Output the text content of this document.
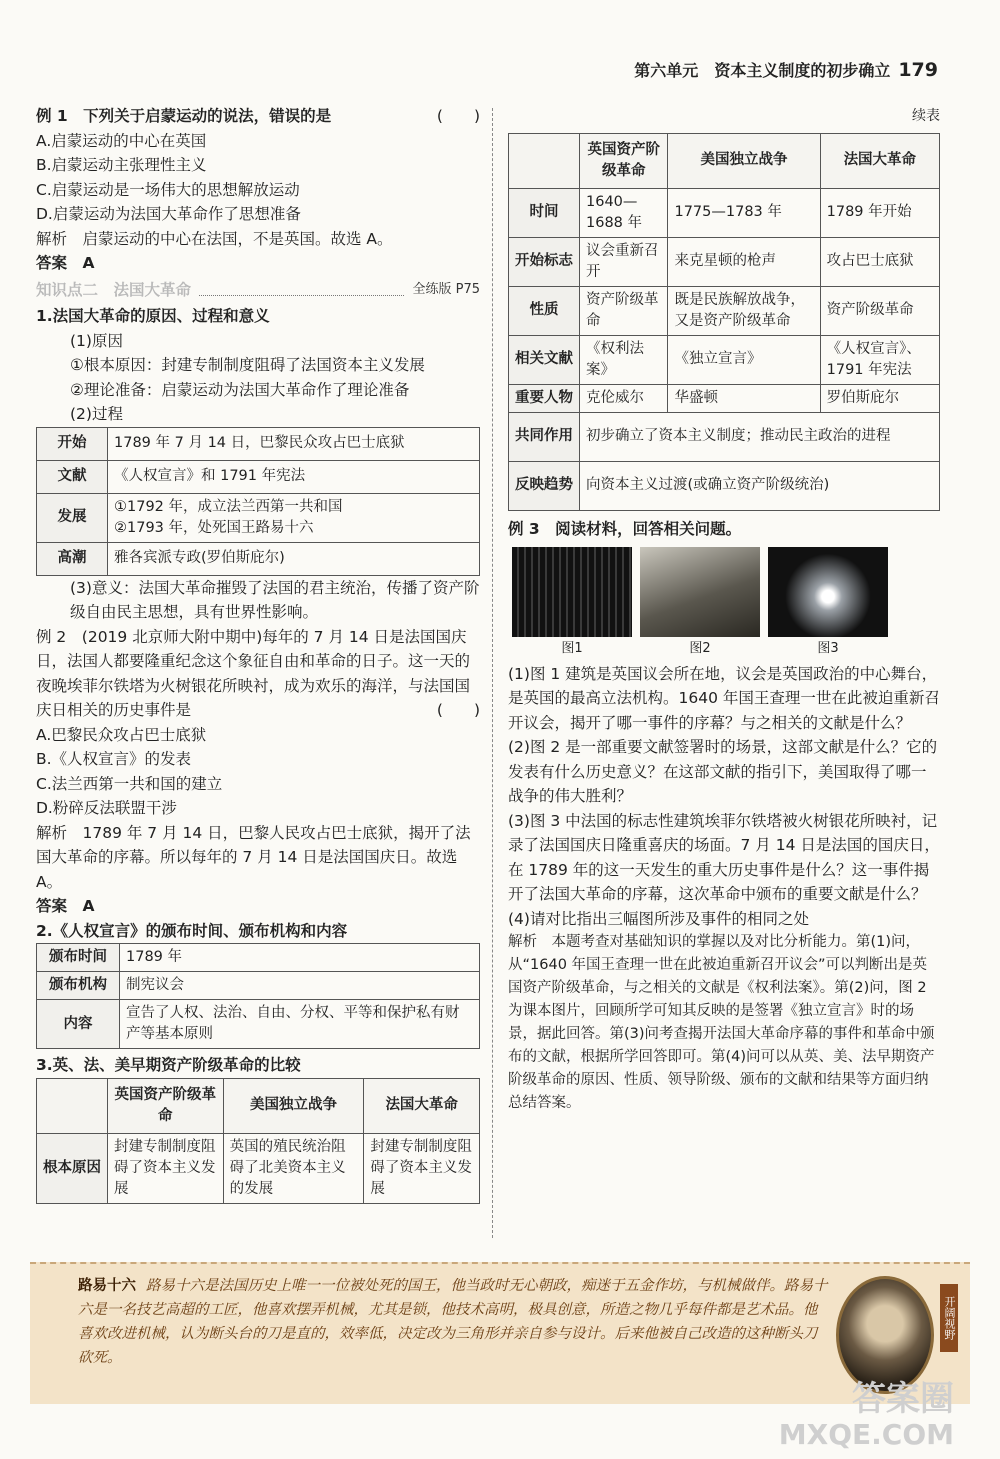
第六单元　 资本主义制度的初步确立 179
例 1　下列关于启蒙运动的说法，错误的是	(　　)
A.启蒙运动的中心在英国
B.启蒙运动主张理性主义
C.启蒙运动是一场伟大的思想解放运动
D.启蒙运动为法国大革命作了思想准备
解析　启蒙运动的中心在法国，不是英国。故选 A。
答案　A
知识点二　法国大革命	全练版 P75
1.法国大革命的原因、过程和意义
(1)原因
①根本原因：封建专制制度阻碍了法国资本主义发展
②理论准备：启蒙运动为法国大革命作了理论准备
(2)过程
开始	1789 年 7 月 14 日，巴黎民众攻占巴士底狱
文献	《人权宣言》和 1791 年宪法
发展	①1792 年，成立法兰西第一共和国
②1793 年，处死国王路易十六

高潮	雅各宾派专政(罗伯斯庇尔)
(3)意义：法国大革命摧毁了法国的君主统治，传播了资产阶级自由民主思想，具有世界性影响。
例 2　(2019 北京师大附中期中)每年的 7 月 14 日是法国国庆日，法国人都要隆重纪念这个象征自由和革命的日子。这一天的夜晚埃菲尔铁塔为火树银花所映衬，成为欢乐的海洋，与法国国庆日相关的历史事件是	(　　)
A.巴黎民众攻占巴士底狱
B.《人权宣言》的发表
C.法兰西第一共和国的建立
D.粉碎反法联盟干涉
解析　1789 年 7 月 14 日，巴黎人民攻占巴士底狱，揭开了法国大革命的序幕。所以每年的 7 月 14 日是法国国庆日。故选 A。
答案　A
2.《人权宣言》的颁布时间、颁布机构和内容
颁布时间	1789 年
颁布机构	制宪议会
内容	宣告了人权、法治、自由、分权、平等和保护私有财产等基本原则
3.英、法、美早期资产阶级革命的比较
	英国资产阶级革命	美国独立战争	法国大革命
根本原因	封建专制制度阻碍了资本主义发展	英国的殖民统治阻碍了北美资本主义的发展	封建专制制度阻碍了资本主义发展
续表
	英国资产阶级革命	美国独立战争	法国大革命
时间	1640—1688 年	1775—1783 年	1789 年开始
开始标志	议会重新召开	来克星顿的枪声	攻占巴士底狱
性质	资产阶级革命	既是民族解放战争，又是资产阶级革命	资产阶级革命
相关文献	《权利法案》	《独立宣言》	《人权宣言》、1791 年宪法
重要人物	克伦威尔	华盛顿	罗伯斯庇尔
共同作用	初步确立了资本主义制度；推动民主政治的进程		
反映趋势	向资本主义过渡(或确立资产阶级统治)		
例 3　阅读材料，回答相关问题。
图1	图2	图3
(1)图 1 建筑是英国议会所在地，议会是英国政治的中心舞台，是英国的最高立法机构。1640 年国王查理一世在此被迫重新召开议会，揭开了哪一事件的序幕？与之相关的文献是什么？
(2)图 2 是一部重要文献签署时的场景，这部文献是什么？它的发表有什么历史意义？在这部文献的指引下，美国取得了哪一战争的伟大胜利？
(3)图 3 中法国的标志性建筑埃菲尔铁塔被火树银花所映衬，记录了法国国庆日隆重喜庆的场面。7 月 14 日是法国的国庆日，在 1789 年的这一天发生的重大历史事件是什么？这一事件揭开了法国大革命的序幕，这次革命中颁布的重要文献是什么？
(4)请对比指出三幅图所涉及事件的相同之处
解析　本题考查对基础知识的掌握以及对比分析能力。第(1)问，从“1640 年国王查理一世在此被迫重新召开议会”可以判断出是英国资产阶级革命，与之相关的文献是《权利法案》。第(2)问，图 2 为课本图片，回顾所学可知其反映的是签署《独立宣言》时的场景，据此回答。第(3)问考查揭开法国大革命序幕的事件和革命中颁布的文献，根据所学回答即可。第(4)问可以从英、美、法早期资产阶级革命的原因、性质、领导阶级、颁布的文献和结果等方面归纳总结答案。
路易十六 路易十六是法国历史上唯一一位被处死的国王，他当政时无心朝政，痴迷于五金作坊，与机械做伴。路易十六是一名技艺高超的工匠，他喜欢摆弄机械，尤其是锁，他技术高明，极具创意，所造之物几乎每件都是艺术品。他喜欢改进机械，认为断头台的刀是直的，效率低，决定改为三角形并亲自参与设计。后来他被自己改造的这种断头刀砍死。
开阔视野
答案圈
MXQE.COM
